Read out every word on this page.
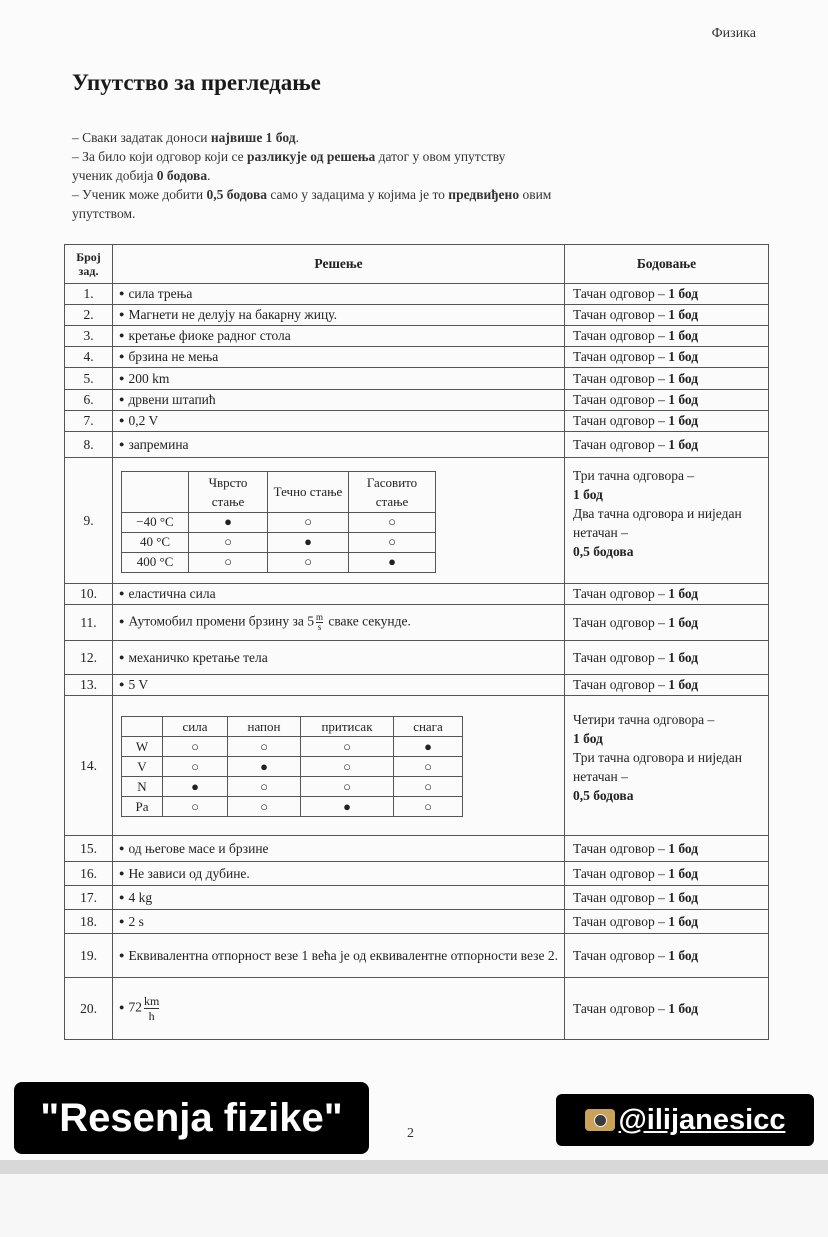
Физика
Упутство за прегледање

– Сваки задатак доноси највише 1 бод.

– За било који одговор који се разликује од решења датог у овом упутству

ученик добија 0 бодова.

– Ученик може добити 0,5 бодова само у задацима у којима је то предвиђено овим

упутством.

Број зад.	Решење	Бодовање
1.	●сила трења	Тачан одговор – 1 бод
2.	●Магнети не делују на бакарну жицу.	Тачан одговор – 1 бод
3.	●кретање фиоке радног стола	Тачан одговор – 1 бод
4.	●брзина не мења	Тачан одговор – 1 бод
5.	●200 km	Тачан одговор – 1 бод
6.	●дрвени штапић	Тачан одговор – 1 бод
7.	●0,2 V	Тачан одговор – 1 бод
8.	●запремина	Тачан одговор – 1 бод
9.	
	Чврсто стање	Течно стање	Гасовито стање
−40 °C	●	○	○
40 °C	○	●	○
400 °C	○	○	●

Три тачна одговора –
1 бод
Два тачна одговора и ниједан нетачан –
0,5 бодова

10.	●еластична сила	Тачан одговор – 1 бод
11.	●Аутомобил промени брзину за $5 \frac{m}{s}$ сваке секунде.	Тачан одговор – 1 бод
12.	●механичко кретање тела	Тачан одговор – 1 бод
13.	●5 V	Тачан одговор – 1 бод
14.	
	сила	напон	притисак	снага
W	○	○	○	●
V	○	●	○	○
N	●	○	○	○
Pa	○	○	●	○

Четири тачна одговора –
1 бод
Три тачна одговора и ниједан нетачан –
0,5 бодова

15.	●од његове масе и брзине	Тачан одговор – 1 бод
16.	●Не зависи од дубине.	Тачан одговор – 1 бод
17.	●4 kg	Тачан одговор – 1 бод
18.	●2 s	Тачан одговор – 1 бод
19.	●Еквивалентна отпорност везе 1 већа је од еквивалентне отпорности везе 2.	Тачан одговор – 1 бод
20.	●72 $\frac{km}{h}$	Тачан одговор – 1 бод
2
"Resenja fizike"	@ilijanesicc
